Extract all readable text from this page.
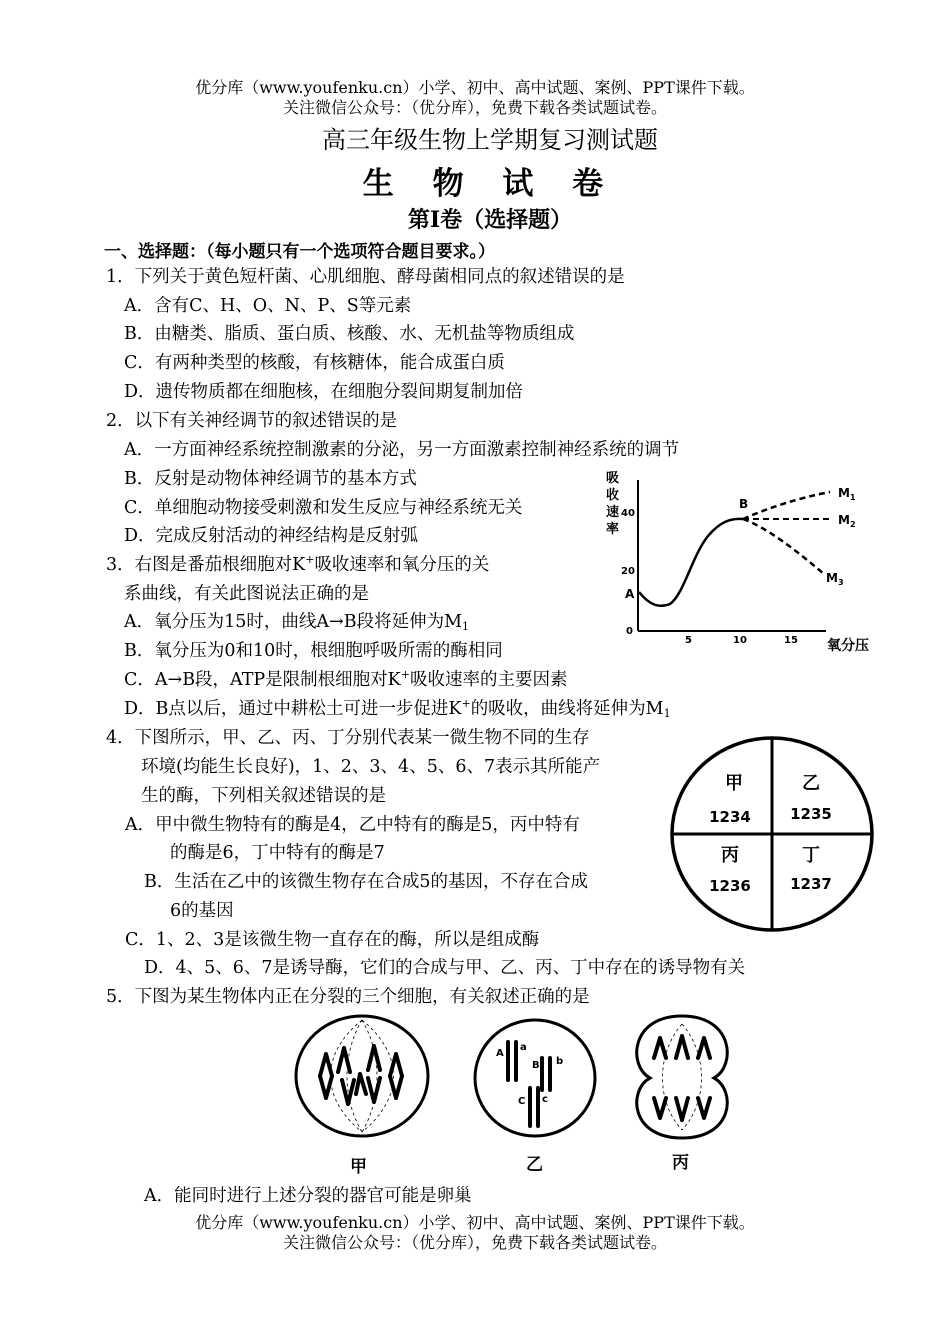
优分库（www.youfenku.cn）小学、初中、高中试题、案例、PPT课件下载。
关注微信公众号：（优分库），免费下载各类试题试卷。
高三年级生物上学期复习测试题
生 物 试 卷
第Ⅰ卷（选择题）
一、选择题：（每小题只有一个选项符合题目要求。）
1．下列关于黄色短杆菌、心肌细胞、酵母菌相同点的叙述错误的是
A．含有C、H、O、N、P、S等元素
B．由糖类、脂质、蛋白质、核酸、水、无机盐等物质组成
C．有两种类型的核酸，有核糖体，能合成蛋白质
D．遗传物质都在细胞核，在细胞分裂间期复制加倍
2．以下有关神经调节的叙述错误的是
A．一方面神经系统控制激素的分泌，另一方面激素控制神经系统的调节
B．反射是动物体神经调节的基本方式
C．单细胞动物接受刺激和发生反应与神经系统无关
D．完成反射活动的神经结构是反射弧
3．右图是番茄根细胞对K+吸收速率和氧分压的关
系曲线，有关此图说法正确的是
A．氧分压为15时，曲线A→B段将延伸为$M_1$
B．氧分压为0和10时，根细胞呼吸所需的酶相同
C．A→B段，ATP是限制根细胞对K+吸收速率的主要因素
D．B点以后，通过中耕松土可进一步促进K+的吸收，曲线将延伸为$M_1$
吸
收
速
率
40
20
0
5	10	15 氧分压
A
B
$M_1$
$M_2$
$M_3$
4．下图所示，甲、乙、丙、丁分别代表某一微生物不同的生存
环境(均能生长良好)，1、2、3、4、5、6、7表示其所能产
生的酶，下列相关叙述错误的是
A．甲中微生物特有的酶是4，乙中特有的酶是5，丙中特有
的酶是6，丁中特有的酶是7
B．生活在乙中的该微生物存在合成5的基因，不存在合成
6的基因
C．1、2、3是该微生物一直存在的酶，所以是组成酶
D．4、5、6、7是诱导酶，它们的合成与甲、乙、丙、丁中存在的诱导物有关
甲
1234
乙
1235
丙
1236
丁
1237
5．下图为某生物体内正在分裂的三个细胞，有关叙述正确的是
甲
A
a
B b
C c
乙	丙
A．能同时进行上述分裂的器官可能是卵巢
优分库（www.youfenku.cn）小学、初中、高中试题、案例、PPT课件下载。
关注微信公众号：（优分库），免费下载各类试题试卷。
